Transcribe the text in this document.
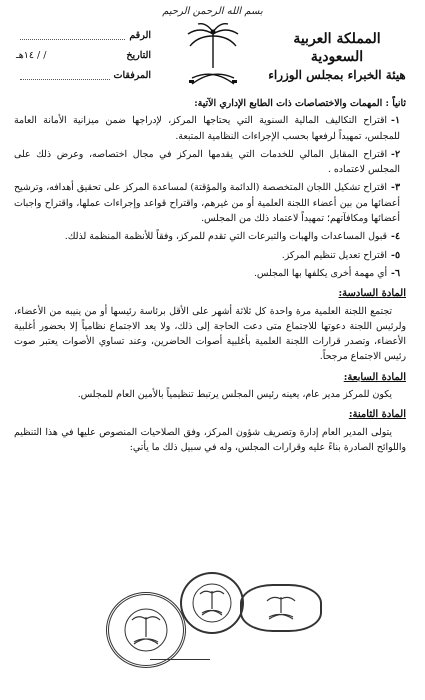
بسم الله الرحمن الرحيم
المملكة العربية السعودية
هيئة الخبراء بمجلس الوزراء
الرقم
التاريخ
/ / ١٤هـ
المرفقات
ثانياً : المهمات والاختصاصات ذات الطابع الإداري الآتية:
١-اقتراح التكاليف المالية السنوية التي يحتاجها المركز، لإدراجها ضمن ميزانية الأمانة العامة للمجلس، تمهيداً لرفعها بحسب الإجراءات النظامية المتبعة.
٢-اقتراح المقابل المالي للخدمات التي يقدمها المركز في مجال اختصاصه، وعرض ذلك على المجلس لاعتماده .
٣-اقتراح تشكيل اللجان المتخصصة (الدائمة والمؤقتة) لمساعدة المركز على تحقيق أهدافه، وترشيح أعضائها من بين أعضاء اللجنة العلمية أو من غيرهم، واقتراح قواعد وإجراءات عملها، واقتراح واجبات أعضائها ومكافآتهم؛ تمهيداً لاعتماد ذلك من المجلس.
٤-قبول المساعدات والهبات والتبرعات التي تقدم للمركز، وفقاً للأنظمة المنظمة لذلك.
٥-اقتراح تعديل تنظيم المركز.
٦-أي مهمة أخرى يكلفها بها المجلس.
المادة السادسة:

تجتمع اللجنة العلمية مرة واحدة كل ثلاثة أشهر على الأقل برئاسة رئيسها أو من ينيبه من الأعضاء، ولرئيس اللجنة دعوتها للاجتماع متى دعت الحاجة إلى ذلك، ولا يعد الاجتماع نظامياً إلا بحضور أغلبية الأعضاء، وتصدر قرارات اللجنة العلمية بأغلبية أصوات الحاضرين، وعند تساوي الأصوات يعتبر صوت رئيس الاجتماع مرجحاً.

المادة السابعة:

يكون للمركز مدير عام، يعينه رئيس المجلس يرتبط تنظيمياً بالأمين العام للمجلس.

المادة الثامنة:

يتولى المدير العام إدارة وتصريف شؤون المركز، وفق الصلاحيات المنصوص عليها في هذا التنظيم واللوائح الصادرة بناءً عليه وقرارات المجلس، وله في سبيل ذلك ما يأتي:
